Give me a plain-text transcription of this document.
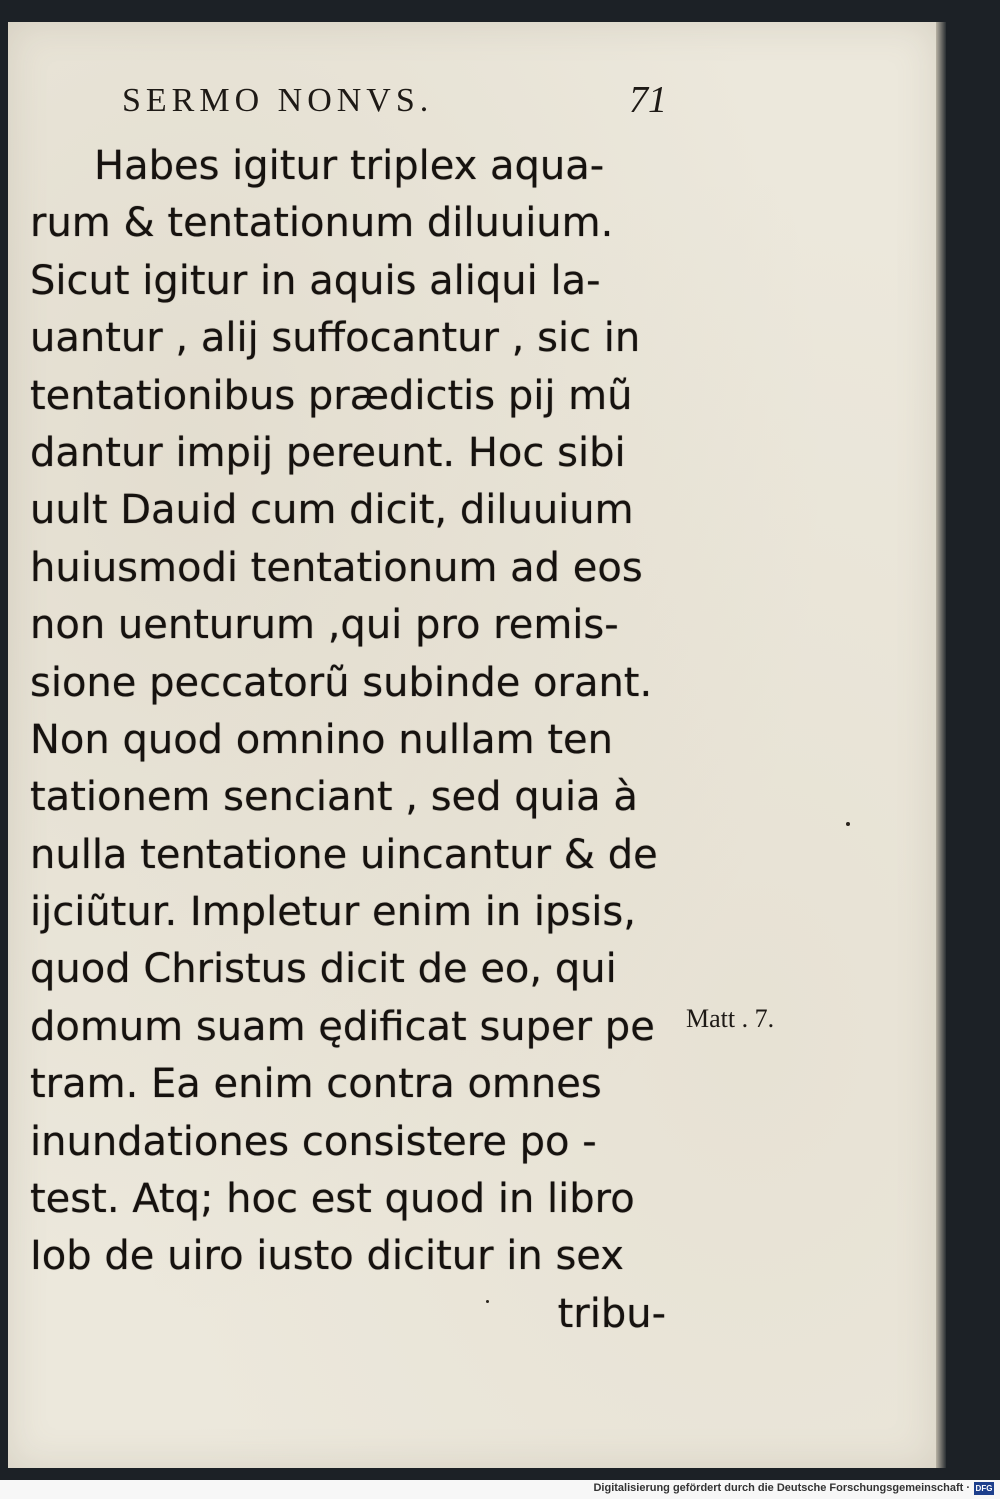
SERMO NONVS.	71
Habes igitur triplex aqua-
rum & tentationum diluuium.
Sicut igitur in aquis aliqui la-
uantur , alij suffocantur , sic in
tentationibus prædictis pij mũ
dantur impij pereunt. Hoc sibi
uult Dauid cum dicit, diluuium
huiusmodi tentationum ad eos
non uenturum ,qui pro remis-
sione peccatorũ subinde orant.
Non quod omnino nullam ten
tationem senciant , sed quia à
nulla tentatione uincantur & de
ijciũtur. Impletur enim in ipsis,
quod Christus dicit de eo, qui
domum suam ędificat super pe
tram. Ea enim contra omnes
inundationes consistere po -
test. Atq; hoc est quod in libro
Iob de uiro iusto dicitur in sex
tribu-
Matt . 7.
Digitalisierung gefördert durch die Deutsche Forschungsgemeinschaft · DFG
